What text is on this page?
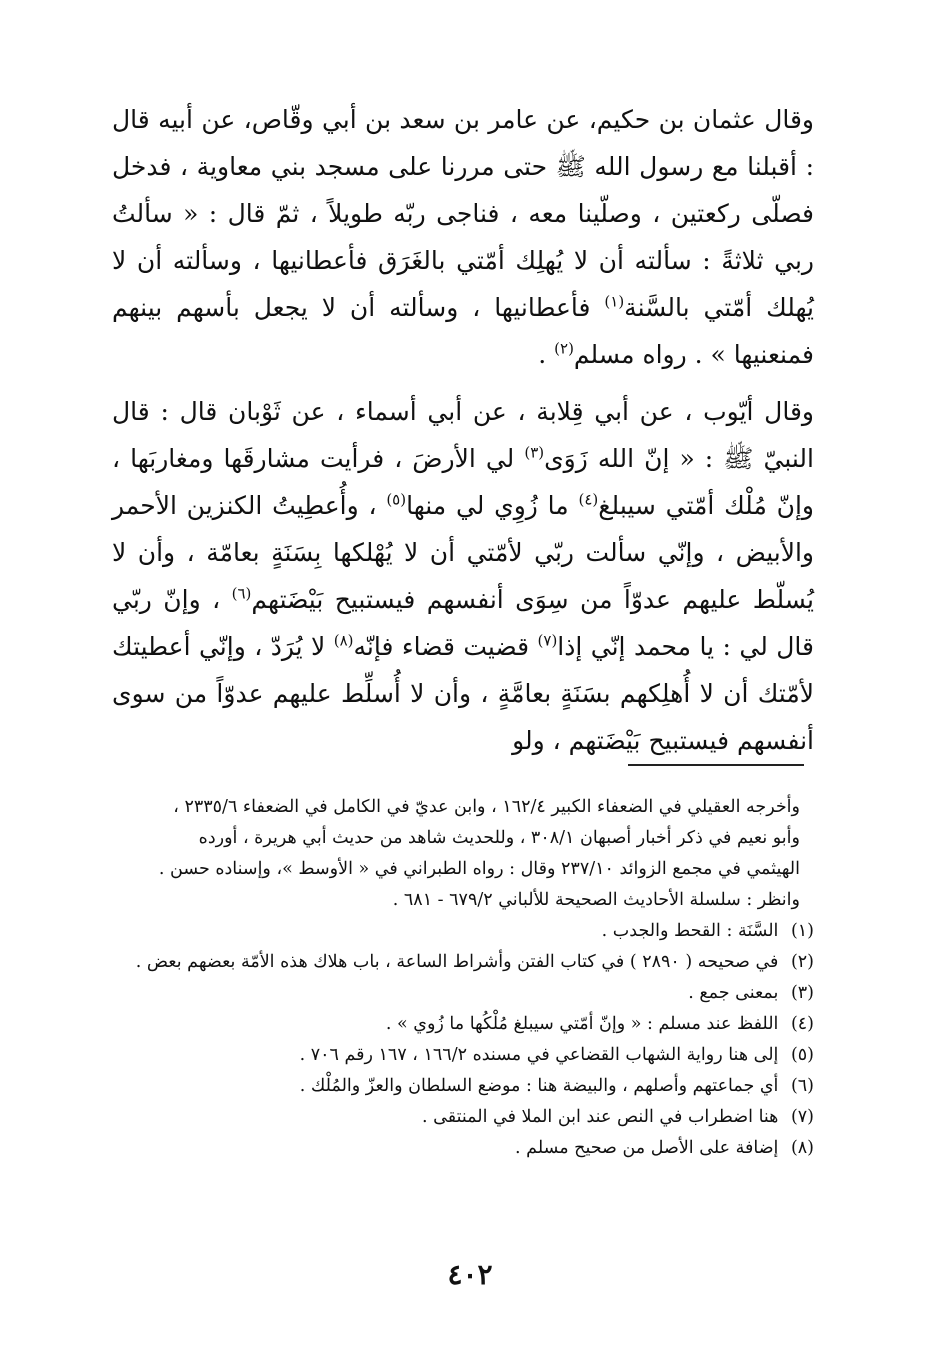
وقال عثمان بن حكيم، عن عامر بن سعد بن أبي وقّاص، عن أبيه قال : أقبلنا مع رسول الله ﷺ حتى مررنا على مسجد بني معاوية ، فدخل فصلّى ركعتين ، وصلّينا معه ، فناجى ربّه طويلاً ، ثمّ قال : « سألتُ ربي ثلاثةً : سألته أن لا يُهلِك أمّتي بالغَرَق فأعطانيها ، وسألته أن لا يُهلك أمّتي بالسَّنة$^{(١)}$ فأعطانيها ، وسألته أن لا يجعل بأسهم بينهم فمنعنيها » . رواه مسلم$^{(٢)}$ .

وقال أيّوب ، عن أبي قِلابة ، عن أبي أسماء ، عن ثَوْبان قال : قال النبيّ ﷺ : « إنّ الله زَوَى$^{(٣)}$ لي الأرضَ ، فرأيت مشارقَها ومغاربَها ، وإنّ مُلْك أمّتي سيبلغ$^{(٤)}$ ما زُوِي لي منها$^{(٥)}$ ، وأُعطِيتُ الكنزين الأحمر والأبيض ، وإنّي سألت ربّي لأمّتي أن لا يُهْلكها بِسَنَةٍ بعامّة ، وأن لا يُسلّط عليهم عدوّاً من سِوَى أنفسهم فيستبيح بَيْضَتهم$^{(٦)}$ ، وإنّ ربّي قال لي : يا محمد إنّي إذا$^{(٧)}$ قضيت قضاء فإنّه$^{(٨)}$ لا يُرَدّ ، وإنّي أعطيتك لأمّتك أن لا أُهلِكهم بسَنَةٍ بعامَّةٍ ، وأن لا أُسلِّط عليهم عدوّاً من سوى أنفسهم فيستبيح بَيْضَتهم ، ولو

وأخرجه العقيلي في الضعفاء الكبير ١٦٢/٤ ، وابن عديّ في الكامل في الضعفاء ٢٣٣٥/٦ ،

وأبو نعيم في ذكر أخبار أصبهان ٣٠٨/١ ، وللحديث شاهد من حديث أبي هريرة ، أورده

الهيثمي في مجمع الزوائد ٢٣٧/١٠ وقال : رواه الطبراني في « الأوسط »، وإسناده حسن .

وانظر : سلسلة الأحاديث الصحيحة للألباني ٦٧٩/٢ - ٦٨١ .

(١) السَّنَة : القحط والجدب .

(٢) في صحيحه ( ٢٨٩٠ ) في كتاب الفتن وأشراط الساعة ، باب هلاك هذه الأمّة بعضهم بعض .

(٣) بمعنى جمع .

(٤) اللفظ عند مسلم : « وإنّ أمّتي سيبلغ مُلْكُها ما زُوي » .

(٥) إلى هنا رواية الشهاب القضاعي في مسنده ١٦٦/٢ ، ١٦٧ رقم ٧٠٦ .

(٦) أي جماعتهم وأصلهم ، والبيضة هنا : موضع السلطان والعزّ والمُلْك .

(٧) هنا اضطراب في النص عند ابن الملا في المنتقى .

(٨) إضافة على الأصل من صحيح مسلم .

٤٠٢
